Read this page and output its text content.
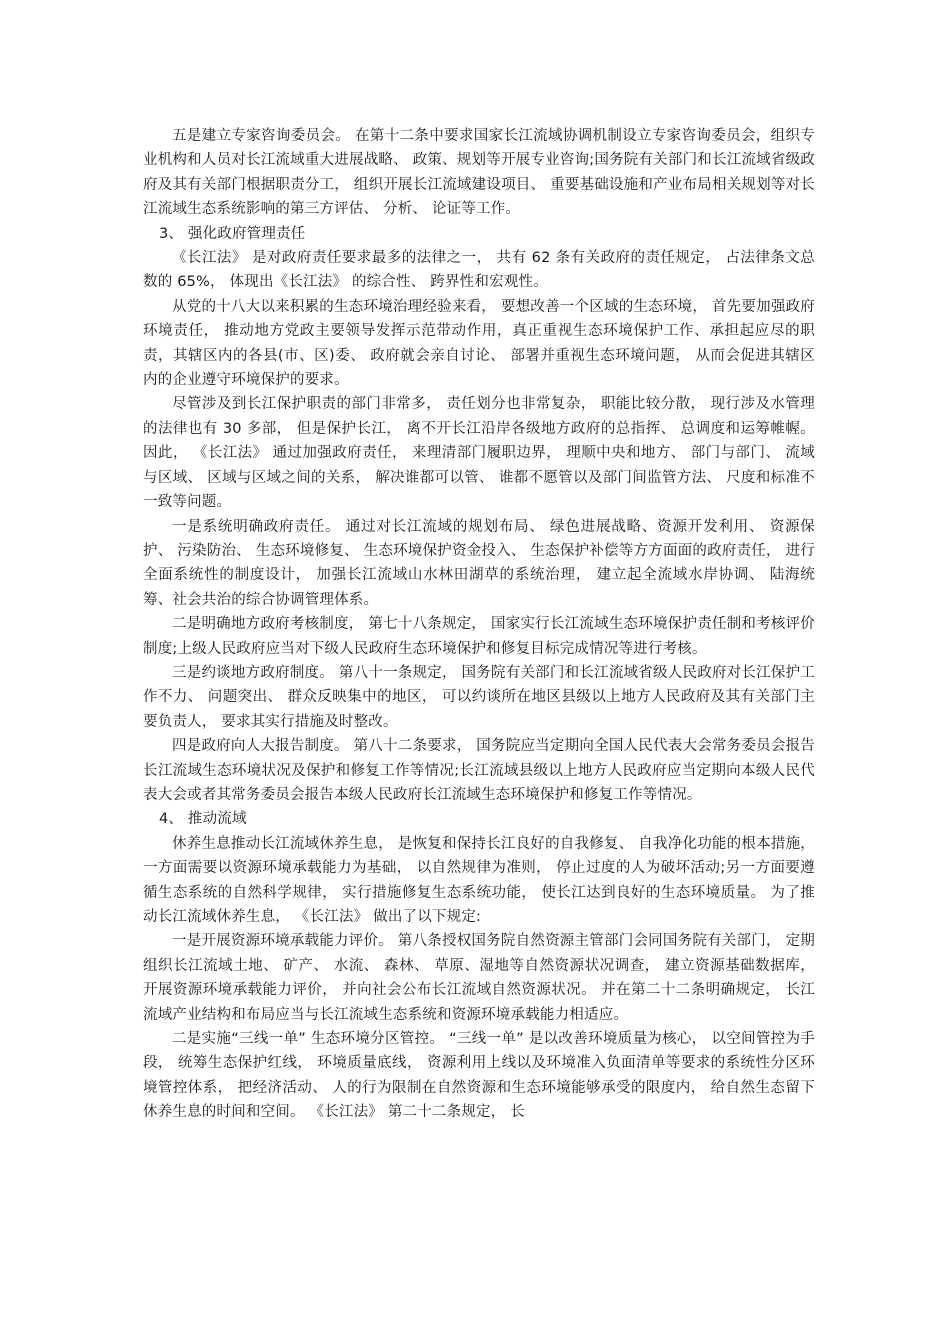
五是建立专家咨询委员会。 在第十二条中要求国家长江流域协调机制设立专家咨询委员会，组织专业机构和人员对长江流域重大进展战略、 政策、规划等开展专业咨询;国务院有关部门和长江流域省级政府及其有关部门根据职责分工， 组织开展长江流域建设项目、 重要基础设施和产业布局相关规划等对长江流域生态系统影响的第三方评估、 分析、 论证等工作。

3、 强化政府管理责任

《长江法》 是对政府责任要求最多的法律之一， 共有 62 条有关政府的责任规定， 占法律条文总数的 65%， 体现出《长江法》 的综合性、 跨界性和宏观性。

从党的十八大以来积累的生态环境治理经验来看， 要想改善一个区域的生态环境， 首先要加强政府环境责任， 推动地方党政主要领导发挥示范带动作用，真正重视生态环境保护工作、承担起应尽的职责，其辖区内的各县(市、区)委、 政府就会亲自讨论、 部署并重视生态环境问题， 从而会促进其辖区内的企业遵守环境保护的要求。

尽管涉及到长江保护职责的部门非常多， 责任划分也非常复杂， 职能比较分散， 现行涉及水管理的法律也有 30 多部， 但是保护长江， 离不开长江沿岸各级地方政府的总指挥、 总调度和运筹帷幄。 因此， 《长江法》 通过加强政府责任， 来理清部门履职边界， 理顺中央和地方、 部门与部门、 流域与区域、 区域与区域之间的关系， 解决谁都可以管、 谁都不愿管以及部门间监管方法、 尺度和标准不一致等问题。

一是系统明确政府责任。 通过对长江流域的规划布局、 绿色进展战略、资源开发利用、 资源保护、 污染防治、 生态环境修复、 生态环境保护资金投入、 生态保护补偿等方方面面的政府责任， 进行全面系统性的制度设计， 加强长江流域山水林田湖草的系统治理， 建立起全流域水岸协调、 陆海统筹、社会共治的综合协调管理体系。

二是明确地方政府考核制度， 第七十八条规定， 国家实行长江流域生态环境保护责任制和考核评价制度;上级人民政府应当对下级人民政府生态环境保护和修复目标完成情况等进行考核。

三是约谈地方政府制度。 第八十一条规定， 国务院有关部门和长江流域省级人民政府对长江保护工作不力、 问题突出、 群众反映集中的地区， 可以约谈所在地区县级以上地方人民政府及其有关部门主要负责人， 要求其实行措施及时整改。

四是政府向人大报告制度。 第八十二条要求， 国务院应当定期向全国人民代表大会常务委员会报告长江流域生态环境状况及保护和修复工作等情况;长江流域县级以上地方人民政府应当定期向本级人民代表大会或者其常务委员会报告本级人民政府长江流域生态环境保护和修复工作等情况。

4、 推动流域

休养生息推动长江流域休养生息， 是恢复和保持长江良好的自我修复、 自我净化功能的根本措施， 一方面需要以资源环境承载能力为基础， 以自然规律为准则， 停止过度的人为破坏活动;另一方面要遵循生态系统的自然科学规律， 实行措施修复生态系统功能， 使长江达到良好的生态环境质量。 为了推动长江流域休养生息， 《长江法》 做出了以下规定:

一是开展资源环境承载能力评价。 第八条授权国务院自然资源主管部门会同国务院有关部门， 定期组织长江流域土地、 矿产、 水流、 森林、 草原、湿地等自然资源状况调查， 建立资源基础数据库， 开展资源环境承载能力评价， 并向社会公布长江流域自然资源状况。 并在第二十二条明确规定， 长江流域产业结构和布局应当与长江流域生态系统和资源环境承载能力相适应。

二是实施“三线一单” 生态环境分区管控。 “三线一单” 是以改善环境质量为核心， 以空间管控为手段， 统筹生态保护红线， 环境质量底线， 资源利用上线以及环境准入负面清单等要求的系统性分区环境管控体系， 把经济活动、 人的行为限制在自然资源和生态环境能够承受的限度内， 给自然生态留下休养生息的时间和空间。 《长江法》 第二十二条规定， 长
